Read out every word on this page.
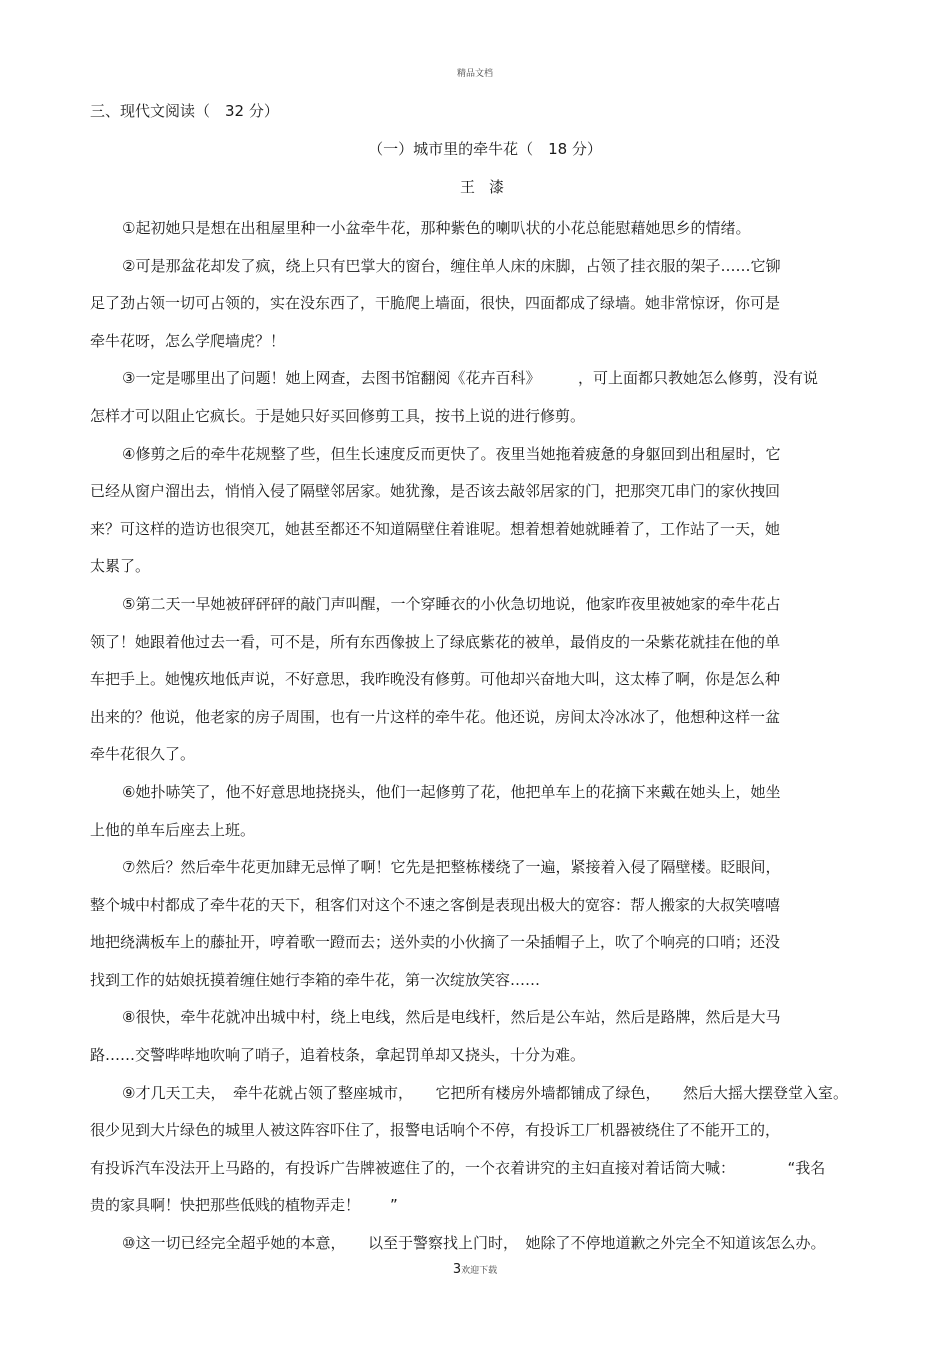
精品文档
三、现代文阅读（　32 分）
（一）城市里的牵牛花（　18 分）
王漆
①起初她只是想在出租屋里种一小盆牵牛花，那种紫色的喇叭状的小花总能慰藉她思乡的情绪。
②可是那盆花却发了疯，绕上只有巴掌大的窗台，缠住单人床的床脚，占领了挂衣服的架子……它铆
足了劲占领一切可占领的，实在没东西了，干脆爬上墙面，很快，四面都成了绿墙。她非常惊讶，你可是
牵牛花呀，怎么学爬墙虎？！
③一定是哪里出了问题！她上网查，去图书馆翻阅《花卉百科》　　　，可上面都只教她怎么修剪，没有说
怎样才可以阻止它疯长。于是她只好买回修剪工具，按书上说的进行修剪。
④修剪之后的牵牛花规整了些，但生长速度反而更快了。夜里当她拖着疲惫的身躯回到出租屋时，它
已经从窗户溜出去，悄悄入侵了隔壁邻居家。她犹豫，是否该去敲邻居家的门，把那突兀串门的家伙拽回
来？可这样的造访也很突兀，她甚至都还不知道隔壁住着谁呢。想着想着她就睡着了，工作站了一天，她
太累了。
⑤第二天一早她被砰砰砰的敲门声叫醒，一个穿睡衣的小伙急切地说，他家昨夜里被她家的牵牛花占
领了！她跟着他过去一看，可不是，所有东西像披上了绿底紫花的被单，最俏皮的一朵紫花就挂在他的单
车把手上。她愧疚地低声说，不好意思，我昨晚没有修剪。可他却兴奋地大叫，这太棒了啊，你是怎么种
出来的？他说，他老家的房子周围，也有一片这样的牵牛花。他还说，房间太冷冰冰了，他想种这样一盆
牵牛花很久了。
⑥她扑哧笑了，他不好意思地挠挠头，他们一起修剪了花，他把单车上的花摘下来戴在她头上，她坐
上他的单车后座去上班。
⑦然后？然后牵牛花更加肆无忌惮了啊！它先是把整栋楼绕了一遍，紧接着入侵了隔壁楼。眨眼间，
整个城中村都成了牵牛花的天下，租客们对这个不速之客倒是表现出极大的宽容：帮人搬家的大叔笑嘻嘻
地把绕满板车上的藤扯开，哼着歌一蹬而去；送外卖的小伙摘了一朵插帽子上，吹了个响亮的口哨；还没
找到工作的姑娘抚摸着缠住她行李箱的牵牛花，第一次绽放笑容……
⑧很快，牵牛花就冲出城中村，绕上电线，然后是电线杆，然后是公车站，然后是路牌，然后是大马
路……交警哔哔地吹响了哨子，追着枝条，拿起罚单却又挠头，十分为难。
⑨才几天工夫，　牵牛花就占领了整座城市，　　它把所有楼房外墙都铺成了绿色，　　然后大摇大摆登堂入室。
很少见到大片绿色的城里人被这阵容吓住了，报警电话响个不停，有投诉工厂机器被绕住了不能开工的，
有投诉汽车没法开上马路的，有投诉广告牌被遮住了的，一个衣着讲究的主妇直接对着话筒大喊：　　　　“我名
贵的家具啊！快把那些低贱的植物弄走！　　”
⑩这一切已经完全超乎她的本意，　　以至于警察找上门时，　她除了不停地道歉之外完全不知道该怎么办。
3欢迎下载
